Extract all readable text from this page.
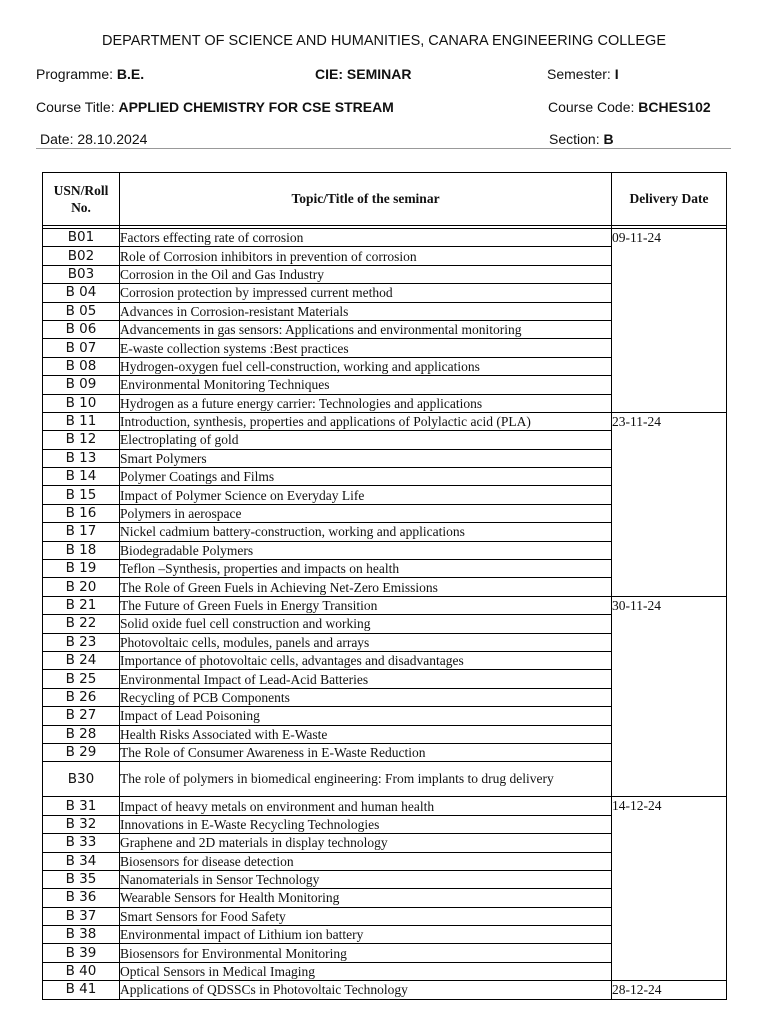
DEPARTMENT OF SCIENCE AND HUMANITIES, CANARA ENGINEERING COLLEGE
Programme: B.E.	CIE: SEMINAR	Semester: I
Course Title: APPLIED CHEMISTRY FOR CSE STREAM	Course Code: BCHES102
Date: 28.10.2024	Section: B
USN/Roll
No.	Topic/Title of the seminar	Delivery Date

B01	Factors effecting rate of corrosion	09-11-24
B02	Role of Corrosion inhibitors in prevention of corrosion	
B03	Corrosion in the Oil and Gas Industry	
B 04	Corrosion protection by impressed current method	
B 05	Advances in Corrosion-resistant Materials	
B 06	Advancements in gas sensors: Applications and environmental monitoring	
B 07	E-waste collection systems :Best practices	
B 08	Hydrogen-oxygen fuel cell-construction, working and applications	
B 09	Environmental Monitoring Techniques	
B 10	Hydrogen as a future energy carrier: Technologies and applications	
B 11	Introduction, synthesis, properties and applications of Polylactic acid (PLA)	23-11-24
B 12	Electroplating of gold	
B 13	Smart Polymers	
B 14	Polymer Coatings and Films	
B 15	Impact of Polymer Science on Everyday Life	
B 16	Polymers in aerospace	
B 17	Nickel cadmium battery-construction, working and applications	
B 18	Biodegradable Polymers	
B 19	Teflon –Synthesis, properties and impacts on health	
B 20	The Role of Green Fuels in Achieving Net-Zero Emissions	
B 21	The Future of Green Fuels in Energy Transition	30-11-24
B 22	Solid oxide fuel cell construction and working	
B 23	Photovoltaic cells, modules, panels and arrays	
B 24	Importance of photovoltaic cells, advantages and disadvantages	
B 25	Environmental Impact of Lead-Acid Batteries	
B 26	Recycling of PCB Components	
B 27	Impact of Lead Poisoning	
B 28	Health Risks Associated with E-Waste	
B 29	The Role of Consumer Awareness in E-Waste Reduction	
B30	The role of polymers in biomedical engineering: From implants to drug delivery	
B 31	Impact of heavy metals on environment and human health	14-12-24
B 32	Innovations in E-Waste Recycling Technologies	
B 33	Graphene and 2D materials in display technology	
B 34	Biosensors for disease detection	
B 35	Nanomaterials in Sensor Technology	
B 36	Wearable Sensors for Health Monitoring	
B 37	Smart Sensors for Food Safety	
B 38	Environmental impact of Lithium ion battery	
B 39	Biosensors for Environmental Monitoring	
B 40	Optical Sensors in Medical Imaging	
B 41	Applications of QDSSCs in Photovoltaic Technology	28-12-24
